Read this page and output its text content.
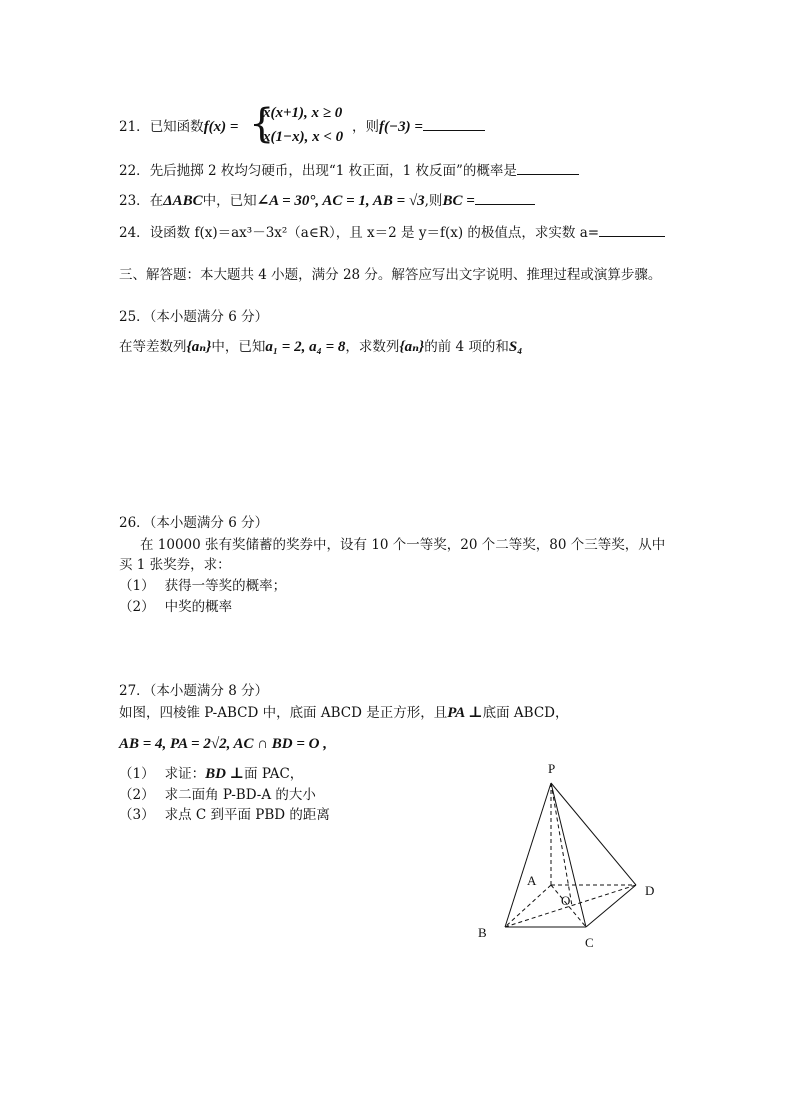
21．已知函数f(x) = {
x(x+1), x ≥ 0
x(1−x), x < 0
，则f(−3) =
22．先后抛掷 2 枚均匀硬币，出现“1 枚正面，1 枚反面”的概率是
23．在ΔABC中，已知∠A = 30°, AC = 1, AB = √3,则BC =
24．设函数 f(x)＝ax³－3x²（a∈R），且 x＝2 是 y＝f(x) 的极值点，求实数 a=
三、解答题：本大题共 4 小题，满分 28 分。解答应写出文字说明、推理过程或演算步骤。
25．（本小题满分 6 分）
在等差数列{aₙ}中，已知a₁ = 2, a₄ = 8，求数列{aₙ}的前 4 项的和S₄
26．（本小题满分 6 分）
在 10000 张有奖储蓄的奖券中，设有 10 个一等奖，20 个二等奖，80 个三等奖，从中
买 1 张奖券，求：
（1） 获得一等奖的概率；
（2） 中奖的概率
27．（本小题满分 8 分）
如图，四棱锥 P-ABCD 中，底面 ABCD 是正方形，且PA ⊥底面 ABCD，
AB = 4, PA = 2√2, AC ∩ BD = O ,
（1） 求证：BD ⊥面 PAC，
（2） 求二面角 P-BD-A 的大小
（3） 求点 C 到平面 PBD 的距离
P
A
O
D
B
C
